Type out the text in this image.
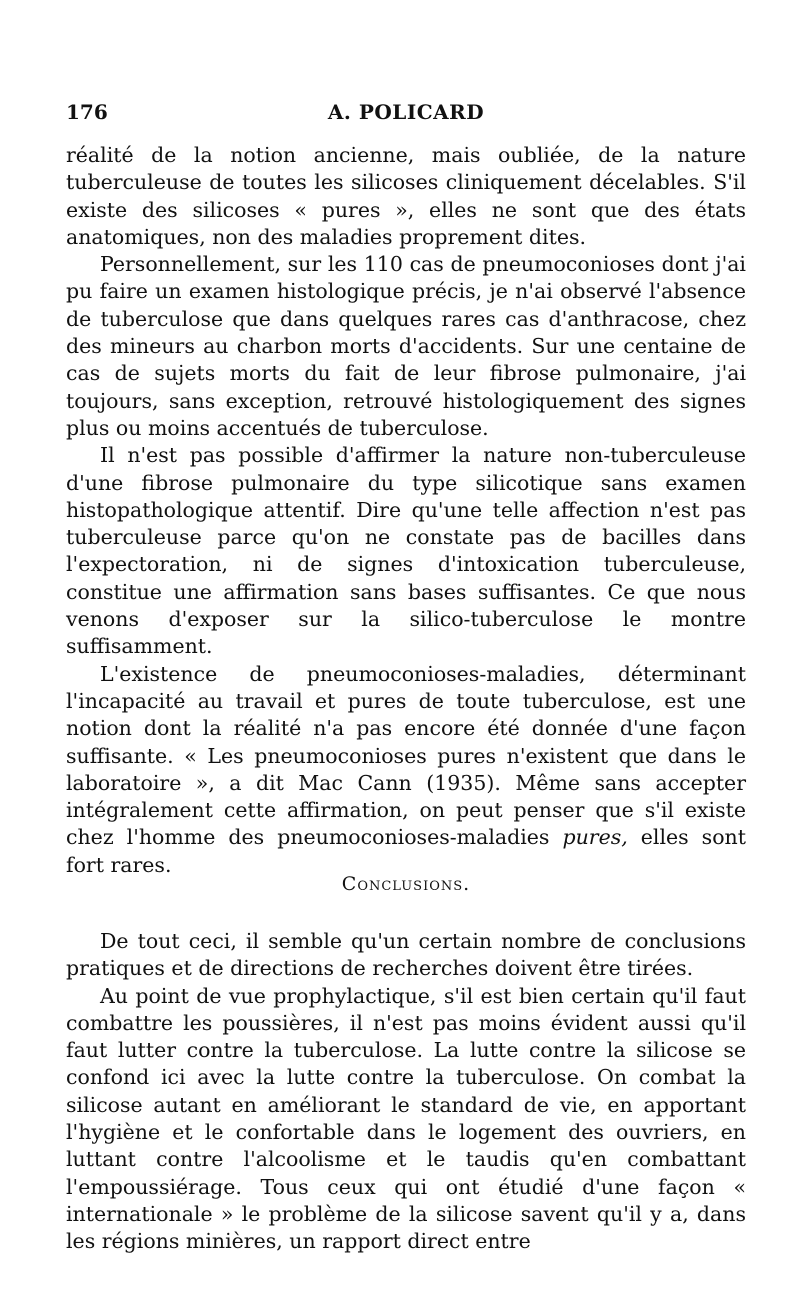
176	A. POLICARD

réalité de la notion ancienne, mais oubliée, de la nature tuberculeuse de toutes les silicoses cliniquement décelables. S'il existe des silicoses « pures », elles ne sont que des états anatomiques, non des maladies proprement dites.

Personnellement, sur les 110 cas de pneumoconioses dont j'ai pu faire un examen histologique précis, je n'ai observé l'absence de tuberculose que dans quelques rares cas d'anthracose, chez des mineurs au charbon morts d'accidents. Sur une centaine de cas de sujets morts du fait de leur fibrose pulmonaire, j'ai toujours, sans exception, retrouvé histologiquement des signes plus ou moins accentués de tuberculose.

Il n'est pas possible d'affirmer la nature non-tuberculeuse d'une fibrose pulmonaire du type silicotique sans examen histopathologique attentif. Dire qu'une telle affection n'est pas tuberculeuse parce qu'on ne constate pas de bacilles dans l'expectoration, ni de signes d'intoxication tuberculeuse, constitue une affirmation sans bases suffisantes. Ce que nous venons d'exposer sur la silico-tuberculose le montre suffisamment.

L'existence de pneumoconioses-maladies, déterminant l'incapacité au travail et pures de toute tuberculose, est une notion dont la réalité n'a pas encore été donnée d'une façon suffisante. « Les pneumoconioses pures n'existent que dans le laboratoire », a dit Mac Cann (1935). Même sans accepter intégralement cette affirmation, on peut penser que s'il existe chez l'homme des pneumoconioses-maladies pures, elles sont fort rares.

Conclusions.

De tout ceci, il semble qu'un certain nombre de conclusions pratiques et de directions de recherches doivent être tirées.

Au point de vue prophylactique, s'il est bien certain qu'il faut combattre les poussières, il n'est pas moins évident aussi qu'il faut lutter contre la tuberculose. La lutte contre la silicose se confond ici avec la lutte contre la tuberculose. On combat la silicose autant en améliorant le standard de vie, en apportant l'hygiène et le confortable dans le logement des ouvriers, en luttant contre l'alcoolisme et le taudis qu'en combattant l'empoussiérage. Tous ceux qui ont étudié d'une façon « internationale » le problème de la silicose savent qu'il y a, dans les régions minières, un rapport direct entre
